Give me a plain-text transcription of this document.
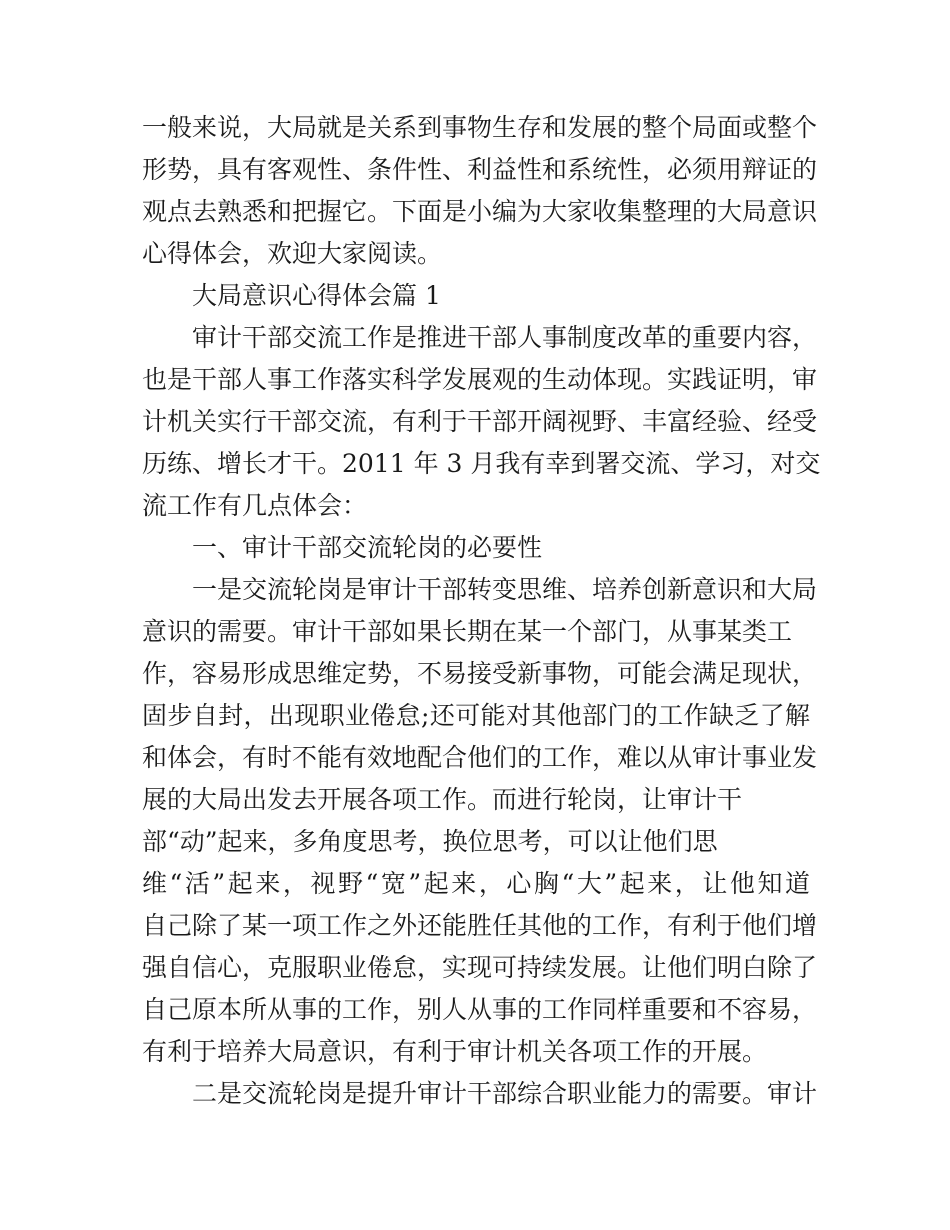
一般来说，大局就是关系到事物生存和发展的整个局面或整个
形势，具有客观性、条件性、利益性和系统性，必须用辩证的
观点去熟悉和把握它。下面是小编为大家收集整理的大局意识
心得体会，欢迎大家阅读。
大局意识心得体会篇 1
审计干部交流工作是推进干部人事制度改革的重要内容，
也是干部人事工作落实科学发展观的生动体现。实践证明，审
计机关实行干部交流，有利于干部开阔视野、丰富经验、经受
历练、增长才干。2011 年 3 月我有幸到署交流、学习，对交
流工作有几点体会：
一、审计干部交流轮岗的必要性
一是交流轮岗是审计干部转变思维、培养创新意识和大局
意识的需要。审计干部如果长期在某一个部门，从事某类工
作，容易形成思维定势，不易接受新事物，可能会满足现状，
固步自封，出现职业倦怠;还可能对其他部门的工作缺乏了解
和体会，有时不能有效地配合他们的工作，难以从审计事业发
展的大局出发去开展各项工作。而进行轮岗，让审计干
部“动”起来，多角度思考，换位思考，可以让他们思
维“活”起来，视野“宽”起来，心胸“大”起来，让他知道
自己除了某一项工作之外还能胜任其他的工作，有利于他们增
强自信心，克服职业倦怠，实现可持续发展。让他们明白除了
自己原本所从事的工作，别人从事的工作同样重要和不容易，
有利于培养大局意识，有利于审计机关各项工作的开展。
二是交流轮岗是提升审计干部综合职业能力的需要。审计
